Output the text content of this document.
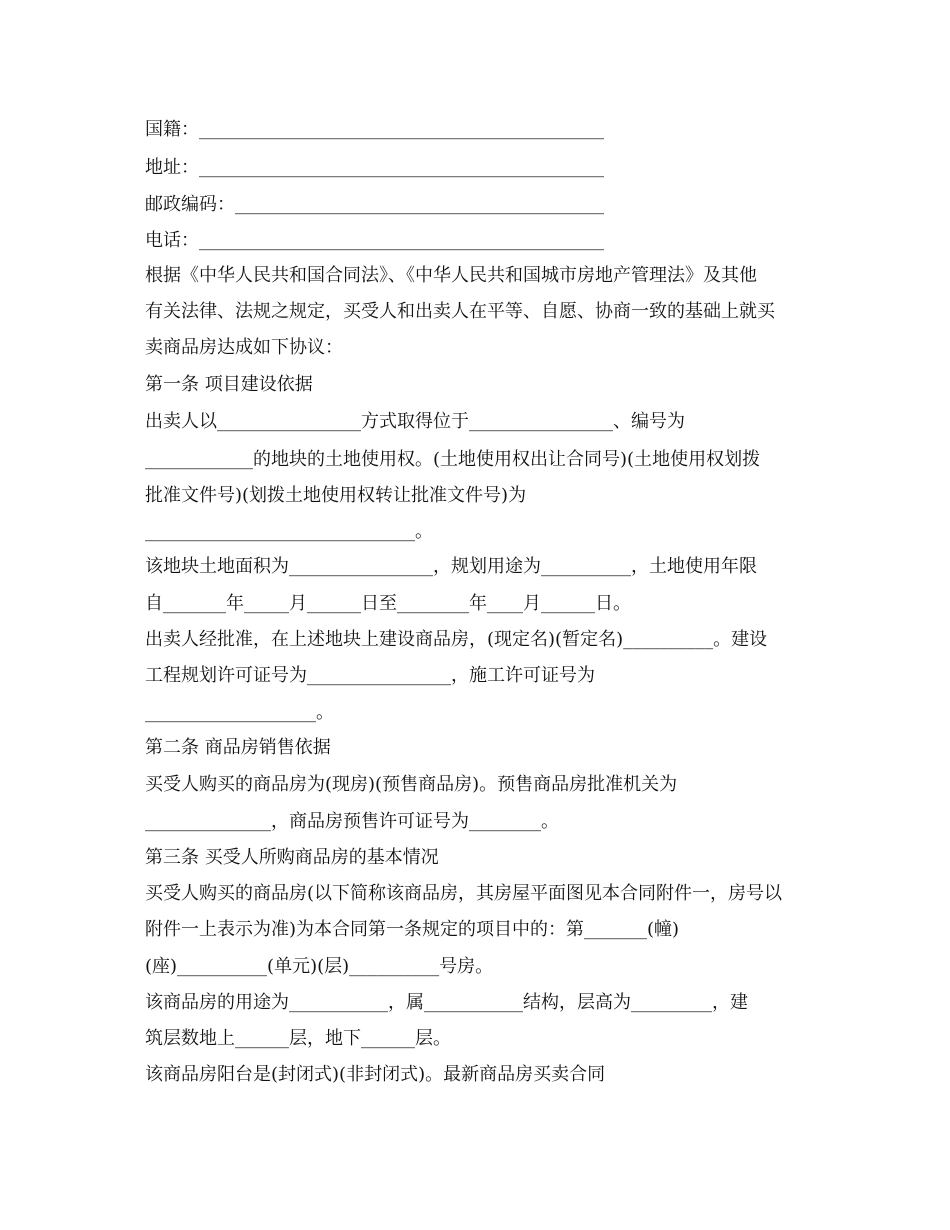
国籍：_____________________________________________
地址：_____________________________________________
邮政编码：_________________________________________
电话：_____________________________________________
根据《中华人民共和国合同法》、《中华人民共和国城市房地产管理法》及其他
有关法律、法规之规定，买受人和出卖人在平等、自愿、协商一致的基础上就买
卖商品房达成如下协议：
第一条 项目建设依据
出卖人以________________方式取得位于________________、编号为
____________的地块的土地使用权。(土地使用权出让合同号)(土地使用权划拨
批准文件号)(划拨土地使用权转让批准文件号)为
______________________________。
该地块土地面积为________________，规划用途为__________，土地使用年限
自_______年_____月______日至________年____月______日。
出卖人经批准，在上述地块上建设商品房，(现定名)(暂定名)__________。建设
工程规划许可证号为________________，施工许可证号为
___________________。
第二条 商品房销售依据
买受人购买的商品房为(现房)(预售商品房)。预售商品房批准机关为
______________，商品房预售许可证号为________。
第三条 买受人所购商品房的基本情况
买受人购买的商品房(以下简称该商品房，其房屋平面图见本合同附件一，房号以
附件一上表示为准)为本合同第一条规定的项目中的：第_______(幢)
(座)__________(单元)(层)__________号房。
该商品房的用途为___________，属___________结构，层高为_________，建
筑层数地上______层，地下______层。
该商品房阳台是(封闭式)(非封闭式)。最新商品房买卖合同
